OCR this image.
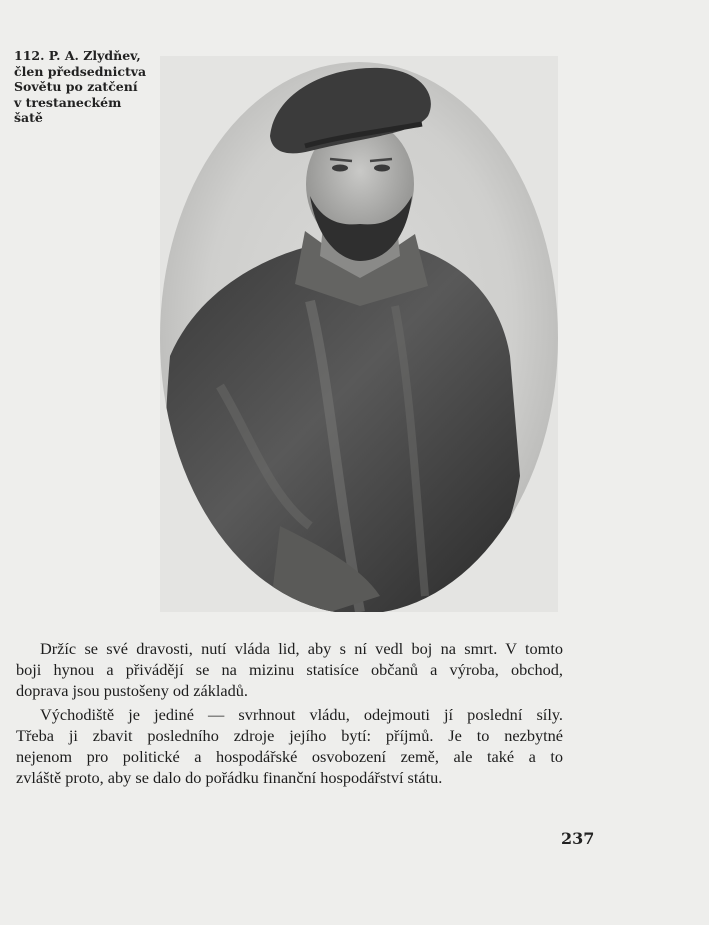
112. P. A. Zlydňev,
člen předsednictva
Sovětu po zatčení
v trestaneckém
šatě

Držíc se své dravosti, nutí vláda lid, aby s ní vedl boj na smrt. V tomto
boji hynou a přivádějí se na mizinu statisíce občanů a výroba, obchod,
doprava jsou pustošeny od základů.

Východiště je jediné — svrhnout vládu, odejmouti jí poslední síly.
Třeba ji zbavit posledního zdroje jejího bytí: příjmů. Je to nezbytné
nejenom pro politické a hospodářské osvobození země, ale také a to
zvláště proto, aby se dalo do pořádku finanční hospodářství státu.

237
